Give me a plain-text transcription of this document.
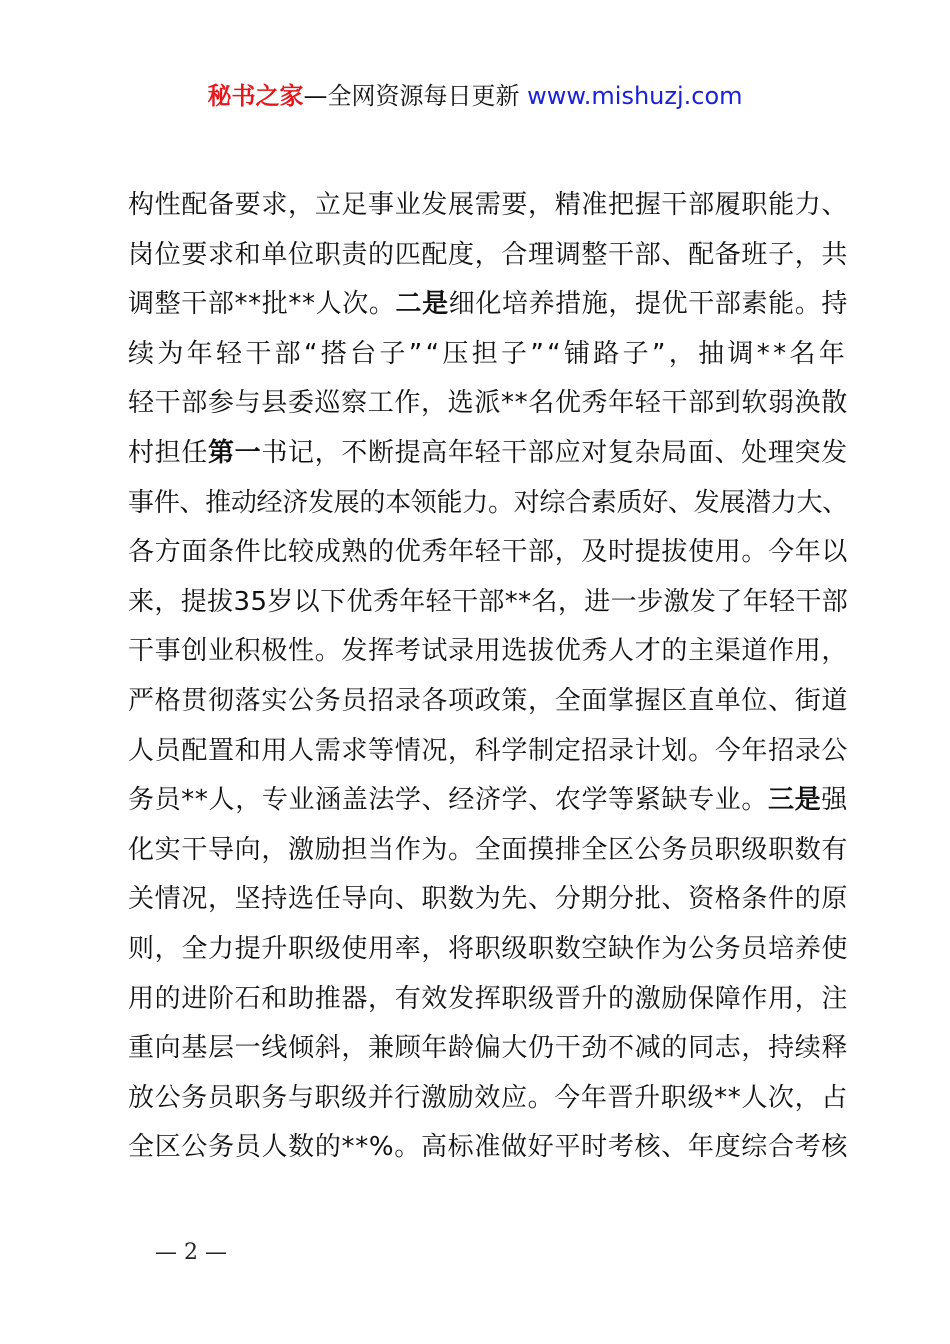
秘书之家—全网资源每日更新 www.mishuzj.com
构性配备要求，立足事业发展需要，精准把握干部履职能力、
岗位要求和单位职责的匹配度，合理调整干部、配备班子，共
调整干部**批**人次。二是细化培养措施，提优干部素能。持
续为年轻干部“搭台子”“压担子”“铺路子”，抽调**名年
轻干部参与县委巡察工作，选派**名优秀年轻干部到软弱涣散
村担任第一书记，不断提高年轻干部应对复杂局面、处理突发
事件、推动经济发展的本领能力。对综合素质好、发展潜力大、
各方面条件比较成熟的优秀年轻干部，及时提拔使用。今年以
来，提拔35岁以下优秀年轻干部**名，进一步激发了年轻干部
干事创业积极性。发挥考试录用选拔优秀人才的主渠道作用，
严格贯彻落实公务员招录各项政策，全面掌握区直单位、街道
人员配置和用人需求等情况，科学制定招录计划。今年招录公
务员**人，专业涵盖法学、经济学、农学等紧缺专业。三是强
化实干导向，激励担当作为。全面摸排全区公务员职级职数有
关情况，坚持选任导向、职数为先、分期分批、资格条件的原
则，全力提升职级使用率，将职级职数空缺作为公务员培养使
用的进阶石和助推器，有效发挥职级晋升的激励保障作用，注
重向基层一线倾斜，兼顾年龄偏大仍干劲不减的同志，持续释
放公务员职务与职级并行激励效应。今年晋升职级**人次，占
全区公务员人数的**%。高标准做好平时考核、年度综合考核
— 2 —
